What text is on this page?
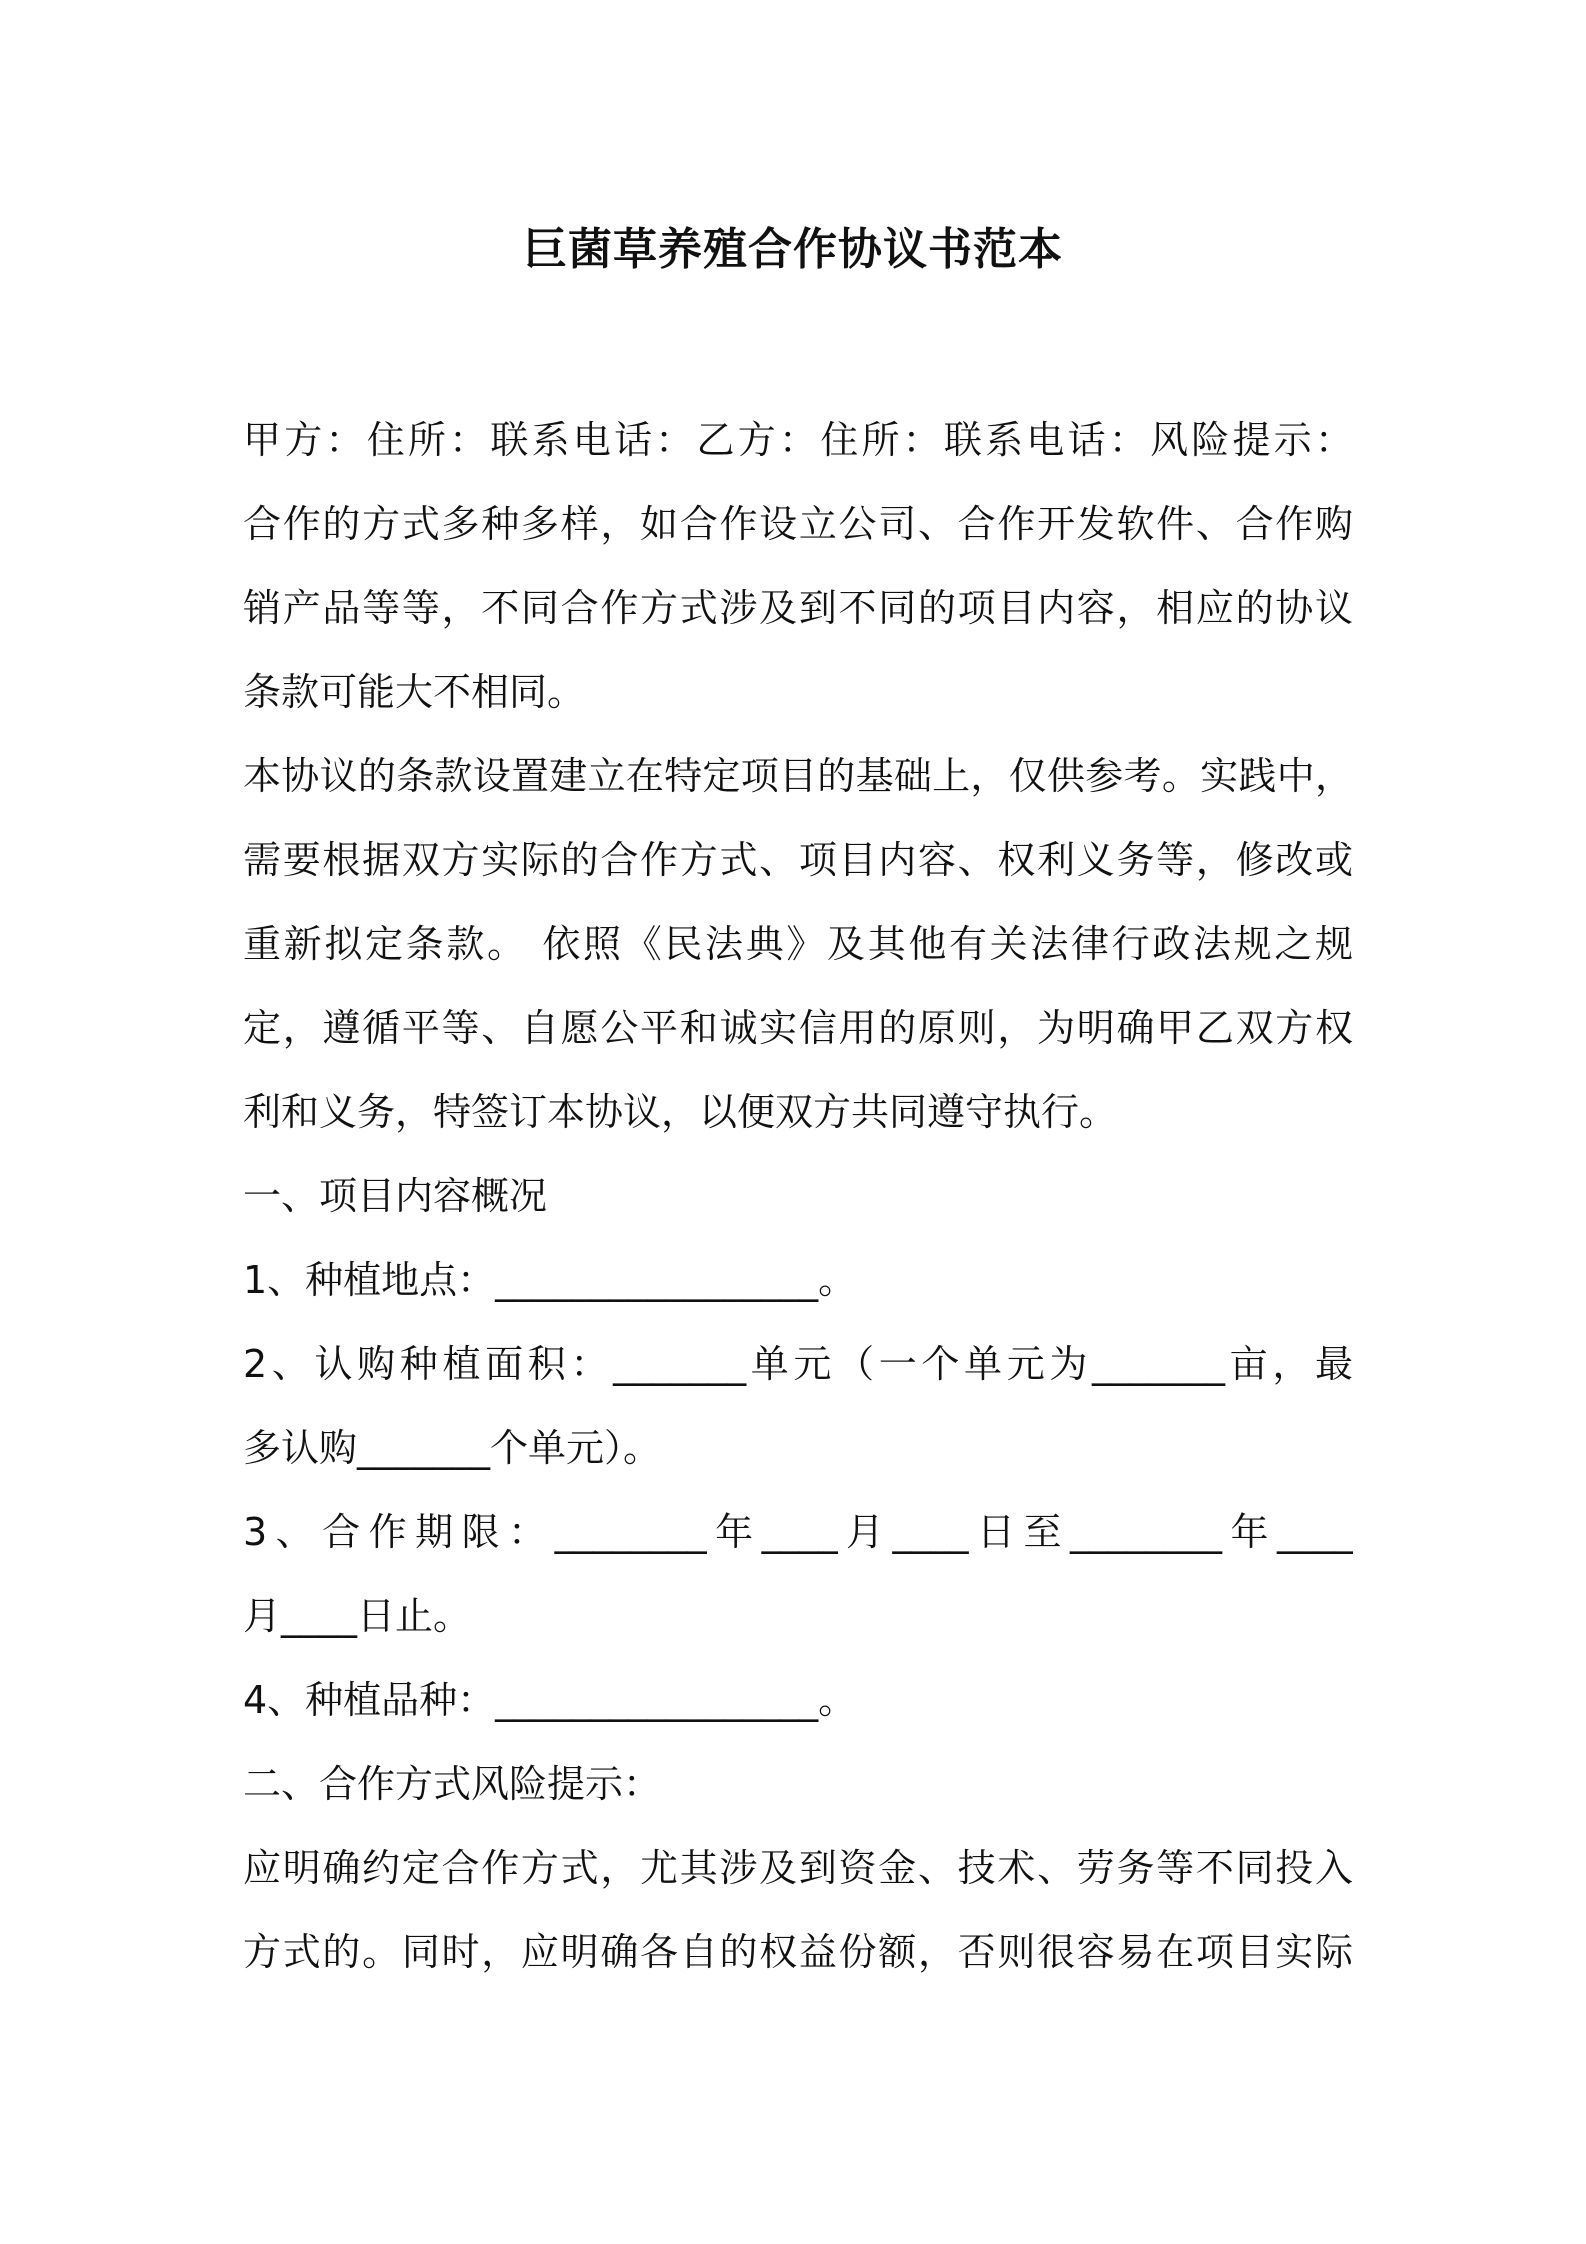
巨菌草养殖合作协议书范本
甲方：住所：联系电话：乙方：住所：联系电话：风险提示：
合作的方式多种多样，如合作设立公司、合作开发软件、合作购
销产品等等，不同合作方式涉及到不同的项目内容，相应的协议
条款可能大不相同。
本协议的条款设置建立在特定项目的基础上，仅供参考。实践中，
需要根据双方实际的合作方式、项目内容、权利义务等，修改或
重新拟定条款。 依照《民法典》及其他有关法律行政法规之规
定，遵循平等、自愿公平和诚实信用的原则，为明确甲乙双方权
利和义务，特签订本协议，以便双方共同遵守执行。
一、项目内容概况
1、种植地点：_________________。
2、认购种植面积：_______单元（一个单元为_______亩，最
多认购_______个单元）。
3、合作期限：________年____月____日至________年____
月____日止。
4、种植品种：_________________。
二、合作方式风险提示：
应明确约定合作方式，尤其涉及到资金、技术、劳务等不同投入
方式的。同时，应明确各自的权益份额，否则很容易在项目实际
